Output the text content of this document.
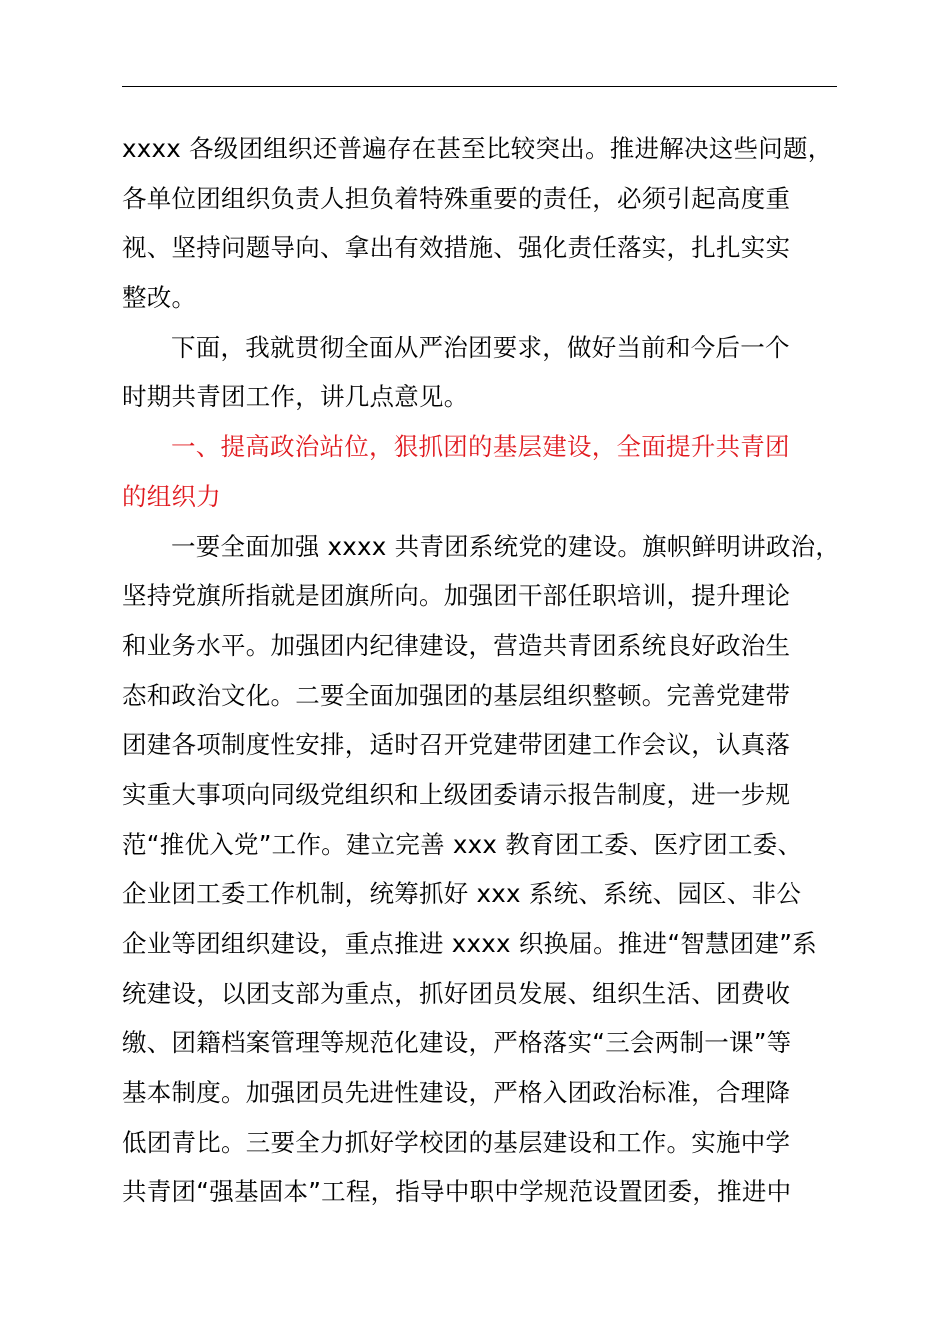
xxxx 各级团组织还普遍存在甚至比较突出。推进解决这些问题，
各单位团组织负责人担负着特殊重要的责任，必须引起高度重
视、坚持问题导向、拿出有效措施、强化责任落实，扎扎实实
整改。
下面，我就贯彻全面从严治团要求，做好当前和今后一个
时期共青团工作，讲几点意见。
一、提高政治站位，狠抓团的基层建设，全面提升共青团
的组织力
一要全面加强 xxxx 共青团系统党的建设。旗帜鲜明讲政治，
坚持党旗所指就是团旗所向。加强团干部任职培训，提升理论
和业务水平。加强团内纪律建设，营造共青团系统良好政治生
态和政治文化。二要全面加强团的基层组织整顿。完善党建带
团建各项制度性安排，适时召开党建带团建工作会议，认真落
实重大事项向同级党组织和上级团委请示报告制度，进一步规
范“推优入党”工作。建立完善 xxx 教育团工委、医疗团工委、
企业团工委工作机制，统筹抓好 xxx 系统、系统、园区、非公
企业等团组织建设，重点推进 xxxx 织换届。推进“智慧团建”系
统建设，以团支部为重点，抓好团员发展、组织生活、团费收
缴、团籍档案管理等规范化建设，严格落实“三会两制一课”等
基本制度。加强团员先进性建设，严格入团政治标准，合理降
低团青比。三要全力抓好学校团的基层建设和工作。实施中学
共青团“强基固本”工程，指导中职中学规范设置团委，推进中
